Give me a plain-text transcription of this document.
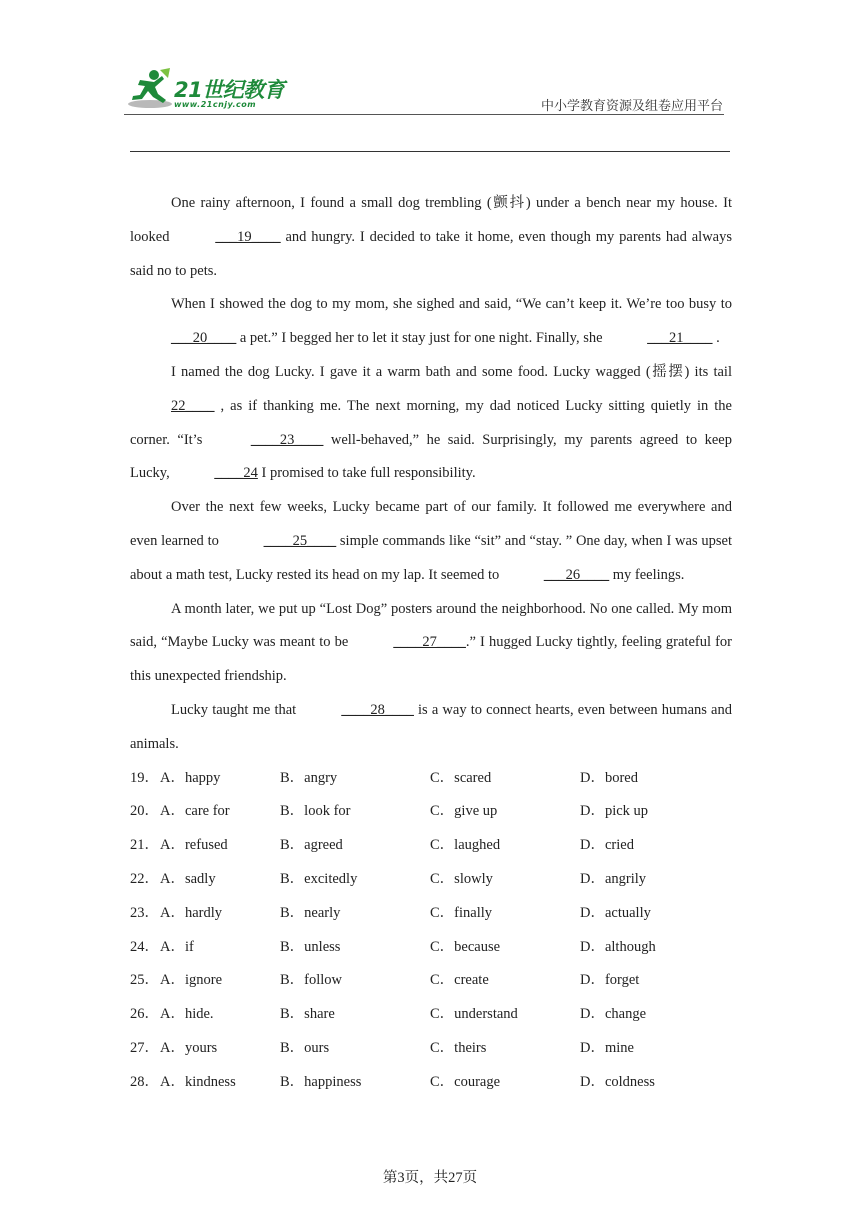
21世纪教育
www.21cnjy.com	中小学教育资源及组卷应用平台

One rainy afternoon, I found a small dog trembling (颤抖) under a bench near my house. It looked	___19____ and hungry. I decided to take it home, even though my parents had always said no to pets.

When I showed the dog to my mom, she sighed and said, “We can’t keep it. We’re too busy to ___20____ a pet.” I begged her to let it stay just for one night. Finally, she	___21____ .

I named the dog Lucky. I gave it a warm bath and some food. Lucky wagged (摇摆) its tail 22____ , as if thanking me. The next morning, my dad noticed Lucky sitting quietly in the corner. “It’s	____23____ well-behaved,” he said. Surprisingly, my parents agreed to keep Lucky,	____24 I promised to take full responsibility.

Over the next few weeks, Lucky became part of our family. It followed me everywhere and even learned to	____25____ simple commands like “sit” and “stay. ” One day, when I was upset about a math test, Lucky rested its head on my lap. It seemed to	___26____ my feelings.

A month later, we put up “Lost Dog” posters around the neighborhood. No one called. My mom said, “Maybe Lucky was meant to be	____27____.” I hugged Lucky tightly, feeling grateful for this unexpected friendship.

Lucky taught me that	____28____ is a way to connect hearts, even between humans and animals.

19． A．happy	B．angry	C．scared	D．bored
20． A．care for	B．look for	C．give up	D．pick up
21． A．refused	B．agreed	C．laughed	D．cried
22． A．sadly	B．excitedly	C．slowly	D．angrily
23． A．hardly	B．nearly	C．finally	D．actually
24． A．if	B．unless	C．because	D．although
25． A．ignore	B．follow	C．create	D．forget
26． A．hide.	B．share	C．understand	D．change
27． A．yours	B．ours	C．theirs	D．mine
28． A．kindness	B．happiness	C．courage	D．coldness
第3页，共27页
